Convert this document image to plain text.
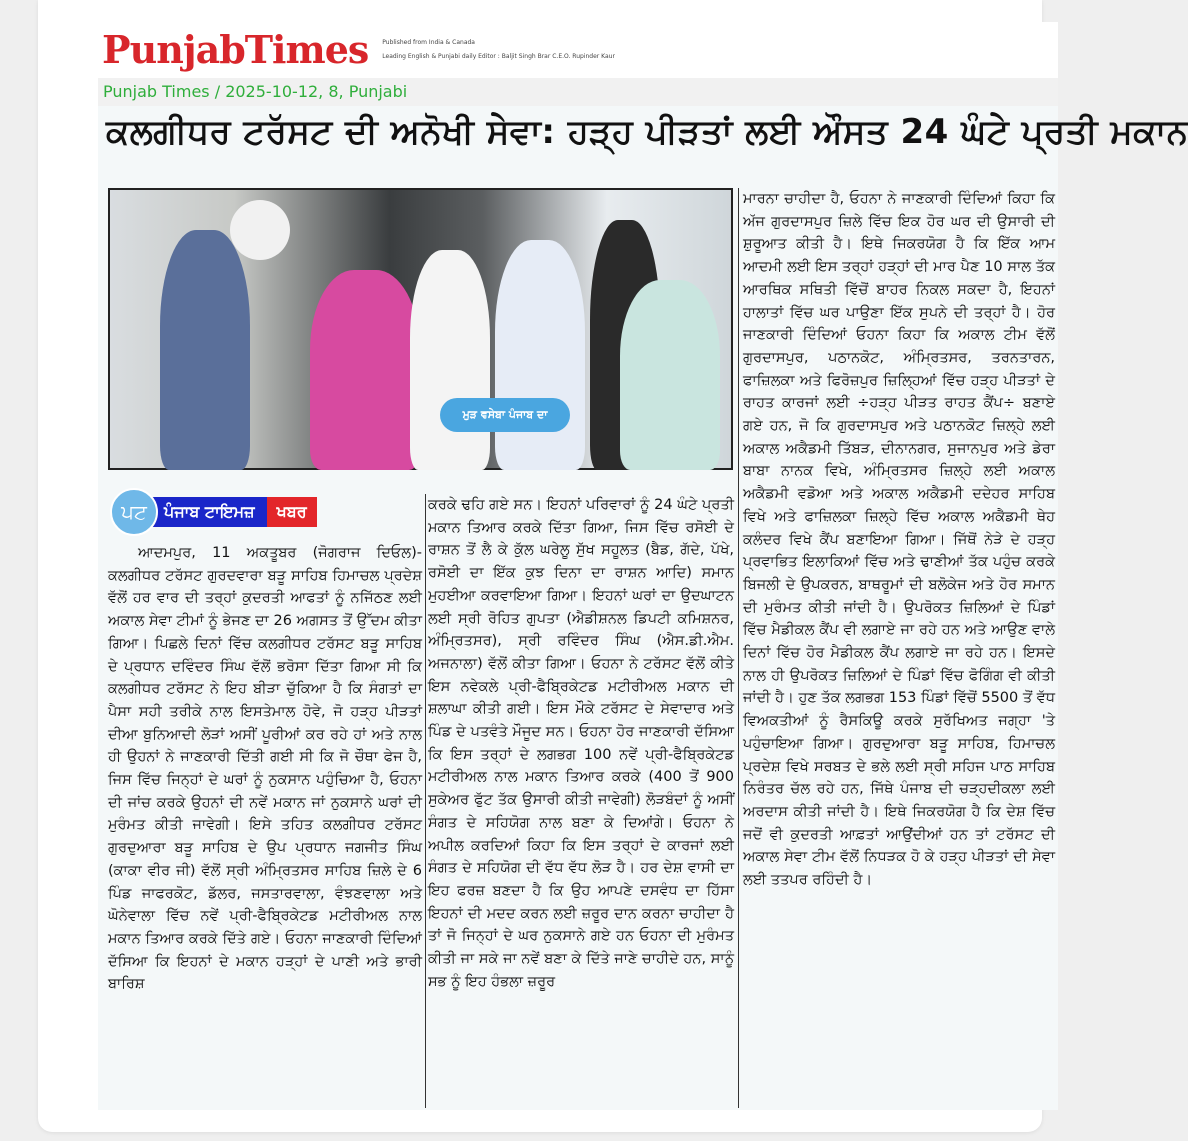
PunjabTimes Published from India & Canada
Leading English & Punjabi daily Editor : Baljit Singh Brar C.E.O. Rupinder Kaur
Punjab Times / 2025-10-12, 8, Punjabi
ਕਲਗੀਧਰ ਟਰੱਸਟ ਦੀ ਅਨੋਖੀ ਸੇਵਾ: ਹੜ੍ਹ ਪੀੜਤਾਂ ਲਈ ਔਸਤ 24 ਘੰਟੇ ਪ੍ਰਤੀ ਮਕਾਨ
ਮੁੜ ਵਸੇਬਾ ਪੰਜਾਬ ਦਾ
ਪਟ	ਪੰਜਾਬ ਟਾਇਮਜ਼	ਖਬਰ
ਆਦਮਪੁਰ, 11 ਅਕਤੂਬਰ (ਜੋਗਰਾਜ ਦਿਓਲ)- ਕਲਗੀਧਰ ਟਰੱਸਟ ਗੁਰਦਵਾਰਾ ਬੜੂ ਸਾਹਿਬ ਹਿਮਾਚਲ ਪ੍ਰਦੇਸ਼ ਵੱਲੋਂ ਹਰ ਵਾਰ ਦੀ ਤਰ੍ਹਾਂ ਕੁਦਰਤੀ ਆਫਤਾਂ ਨੂੰ ਨਜਿੱਠਣ ਲਈ ਅਕਾਲ ਸੇਵਾ ਟੀਮਾਂ ਨੂੰ ਭੇਜਣ ਦਾ 26 ਅਗਸਤ ਤੋਂ ਉੱਦਮ ਕੀਤਾ ਗਿਆ। ਪਿਛਲੇ ਦਿਨਾਂ ਵਿੱਚ ਕਲਗੀਧਰ ਟਰੱਸਟ ਬੜੂ ਸਾਹਿਬ ਦੇ ਪ੍ਰਧਾਨ ਦਵਿੰਦਰ ਸਿੰਘ ਵੱਲੋਂ ਭਰੋਸਾ ਦਿੱਤਾ ਗਿਆ ਸੀ ਕਿ ਕਲਗੀਧਰ ਟਰੱਸਟ ਨੇ ਇਹ ਬੀੜਾ ਚੁੱਕਿਆ ਹੈ ਕਿ ਸੰਗਤਾਂ ਦਾ ਪੈਸਾ ਸਹੀ ਤਰੀਕੇ ਨਾਲ ਇਸਤੇਮਾਲ ਹੋਵੇ, ਜੋ ਹੜ੍ਹ ਪੀੜਤਾਂ ਦੀਆ ਬੁਨਿਆਦੀ ਲੋੜਾਂ ਅਸੀਂ ਪੂਰੀਆਂ ਕਰ ਰਹੇ ਹਾਂ ਅਤੇ ਨਾਲ ਹੀ ਉਹਨਾਂ ਨੇ ਜਾਣਕਾਰੀ ਦਿੱਤੀ ਗਈ ਸੀ ਕਿ ਜੋ ਚੌਥਾ ਫੇਜ ਹੈ, ਜਿਸ ਵਿੱਚ ਜਿਨ੍ਹਾਂ ਦੇ ਘਰਾਂ ਨੂੰ ਨੁਕਸਾਨ ਪਹੁੰਚਿਆ ਹੈ, ਓਹਨਾ ਦੀ ਜਾਂਚ ਕਰਕੇ ਉਹਨਾਂ ਦੀ ਨਵੇਂ ਮਕਾਨ ਜਾਂ ਨੁਕਸਾਨੇ ਘਰਾਂ ਦੀ ਮੁਰੰਮਤ ਕੀਤੀ ਜਾਵੇਗੀ। ਇਸੇ ਤਹਿਤ ਕਲਗੀਧਰ ਟਰੱਸਟ ਗੁਰਦੁਆਰਾ ਬੜੂ ਸਾਹਿਬ ਦੇ ਉਪ ਪ੍ਰਧਾਨ ਜਗਜੀਤ ਸਿੰਘ (ਕਾਕਾ ਵੀਰ ਜੀ) ਵੱਲੋਂ ਸ੍ਰੀ ਅੰਮ੍ਰਿਤਸਰ ਸਾਹਿਬ ਜ਼ਿਲੇ ਦੇ 6 ਪਿੰਡ ਜਾਫਰਕੋਟ, ਡੱਲਰ, ਜਸਤਾਰਵਾਲਾ, ਵੰਝਣਵਾਲਾ ਅਤੇ ਘੋਨੇਵਾਲਾ ਵਿੱਚ ਨਵੇਂ ਪ੍ਰੀ-ਫੈਬ੍ਰਿਕੇਟਡ ਮਟੀਰੀਅਲ ਨਾਲ ਮਕਾਨ ਤਿਆਰ ਕਰਕੇ ਦਿੱਤੇ ਗਏ। ਓਹਨਾ ਜਾਣਕਾਰੀ ਦਿੰਦਿਆਂ ਦੱਸਿਆ ਕਿ ਇਹਨਾਂ ਦੇ ਮਕਾਨ ਹੜ੍ਹਾਂ ਦੇ ਪਾਣੀ ਅਤੇ ਭਾਰੀ ਬਾਰਿਸ਼
ਕਰਕੇ ਢਹਿ ਗਏ ਸਨ। ਇਹਨਾਂ ਪਰਿਵਾਰਾਂ ਨੂੰ 24 ਘੰਟੇ ਪ੍ਰਤੀ ਮਕਾਨ ਤਿਆਰ ਕਰਕੇ ਦਿੱਤਾ ਗਿਆ, ਜਿਸ ਵਿੱਚ ਰਸੋਈ ਦੇ ਰਾਸ਼ਨ ਤੋਂ ਲੈ ਕੇ ਕੁੱਲ ਘਰੇਲੂ ਸੁੱਖ ਸਹੂਲਤ (ਬੈਡ, ਗੱਦੇ, ਪੱਖੇ, ਰਸੋਈ ਦਾ ਇੱਕ ਕੁਝ ਦਿਨਾ ਦਾ ਰਾਸ਼ਨ ਆਦਿ) ਸਮਾਨ ਮੁਹਈਆ ਕਰਵਾਇਆ ਗਿਆ। ਇਹਨਾਂ ਘਰਾਂ ਦਾ ਉਦਘਾਟਨ ਲਈ ਸ੍ਰੀ ਰੋਹਿਤ ਗੁਪਤਾ (ਐਡੀਸ਼ਨਲ ਡਿਪਟੀ ਕਮਿਸ਼ਨਰ, ਅੰਮ੍ਰਿਤਸਰ), ਸ੍ਰੀ ਰਵਿੰਦਰ ਸਿੰਘ (ਐਸ.ਡੀ.ਐਮ. ਅਜਨਾਲਾ) ਵੱਲੋਂ ਕੀਤਾ ਗਿਆ। ਓਹਨਾ ਨੇ ਟਰੱਸਟ ਵੱਲੋਂ ਕੀਤੇ ਇਸ ਨਵੇਕਲੇ ਪ੍ਰੀ-ਫੈਬ੍ਰਿਕੇਟਡ ਮਟੀਰੀਅਲ ਮਕਾਨ ਦੀ ਸ਼ਲਾਘਾ ਕੀਤੀ ਗਈ। ਇਸ ਮੌਕੇ ਟਰੱਸਟ ਦੇ ਸੇਵਾਦਾਰ ਅਤੇ ਪਿੰਡ ਦੇ ਪਤਵੰਤੇ ਮੌਜੂਦ ਸਨ। ਓਹਨਾ ਹੋਰ ਜਾਣਕਾਰੀ ਦੱਸਿਆ ਕਿ ਇਸ ਤਰ੍ਹਾਂ ਦੇ ਲਗਭਗ 100 ਨਵੇਂ ਪ੍ਰੀ-ਫੈਬ੍ਰਿਕੇਟਡ ਮਟੀਰੀਅਲ ਨਾਲ ਮਕਾਨ ਤਿਆਰ ਕਰਕੇ (400 ਤੋਂ 900 ਸੁਕੇਅਰ ਫੁੱਟ ਤੱਕ ਉਸਾਰੀ ਕੀਤੀ ਜਾਵੇਗੀ) ਲੋੜਬੰਦਾਂ ਨੂੰ ਅਸੀਂ ਸੰਗਤ ਦੇ ਸਹਿਯੋਗ ਨਾਲ ਬਣਾ ਕੇ ਦਿਆਂਗੇ। ਓਹਨਾ ਨੇ ਅਪੀਲ ਕਰਦਿਆਂ ਕਿਹਾ ਕਿ ਇਸ ਤਰ੍ਹਾਂ ਦੇ ਕਾਰਜਾਂ ਲਈ ਸੰਗਤ ਦੇ ਸਹਿਯੋਗ ਦੀ ਵੱਧ ਵੱਧ ਲੋੜ ਹੈ। ਹਰ ਦੇਸ਼ ਵਾਸੀ ਦਾ ਇਹ ਫਰਜ਼ ਬਣਦਾ ਹੈ ਕਿ ਉਹ ਆਪਣੇ ਦਸਵੰਧ ਦਾ ਹਿੱਸਾ ਇਹਨਾਂ ਦੀ ਮਦਦ ਕਰਨ ਲਈ ਜ਼ਰੂਰ ਦਾਨ ਕਰਨਾ ਚਾਹੀਦਾ ਹੈ ਤਾਂ ਜੋ ਜਿਨ੍ਹਾਂ ਦੇ ਘਰ ਨੁਕਸਾਨੇ ਗਏ ਹਨ ਓਹਨਾ ਦੀ ਮੁਰੰਮਤ ਕੀਤੀ ਜਾ ਸਕੇ ਜਾ ਨਵੇਂ ਬਣਾ ਕੇ ਦਿੱਤੇ ਜਾਣੇ ਚਾਹੀਦੇ ਹਨ, ਸਾਨੂੰ ਸਭ ਨੂੰ ਇਹ ਹੰਭਲਾ ਜ਼ਰੂਰ
ਮਾਰਨਾ ਚਾਹੀਦਾ ਹੈ, ਓਹਨਾ ਨੇ ਜਾਣਕਾਰੀ ਦਿੰਦਿਆਂ ਕਿਹਾ ਕਿ ਅੱਜ ਗੁਰਦਾਸਪੁਰ ਜ਼ਿਲੇ ਵਿੱਚ ਇਕ ਹੋਰ ਘਰ ਦੀ ਉਸਾਰੀ ਦੀ ਸ਼ੁਰੂਆਤ ਕੀਤੀ ਹੈ। ਇਥੇ ਜਿਕਰਯੋਗ ਹੈ ਕਿ ਇੱਕ ਆਮ ਆਦਮੀ ਲਈ ਇਸ ਤਰ੍ਹਾਂ ਹੜ੍ਹਾਂ ਦੀ ਮਾਰ ਪੈਣ 10 ਸਾਲ ਤੱਕ ਆਰਥਿਕ ਸਥਿਤੀ ਵਿੱਚੋਂ ਬਾਹਰ ਨਿਕਲ ਸਕਦਾ ਹੈ, ਇਹਨਾਂ ਹਾਲਾਤਾਂ ਵਿੱਚ ਘਰ ਪਾਉਣਾ ਇੱਕ ਸੁਪਨੇ ਦੀ ਤਰ੍ਹਾਂ ਹੈ। ਹੋਰ ਜਾਣਕਾਰੀ ਦਿੰਦਿਆਂ ਓਹਨਾ ਕਿਹਾ ਕਿ ਅਕਾਲ ਟੀਮ ਵੱਲੋਂ ਗੁਰਦਾਸਪੁਰ, ਪਠਾਨਕੋਟ, ਅੰਮ੍ਰਿਤਸਰ, ਤਰਨਤਾਰਨ, ਫਾਜ਼ਿਲਕਾ ਅਤੇ ਫਿਰੋਜ਼ਪੁਰ ਜ਼ਿਲ੍ਹਿਆਂ ਵਿੱਚ ਹੜ੍ਹ ਪੀੜਤਾਂ ਦੇ ਰਾਹਤ ਕਾਰਜਾਂ ਲਈ ÷ਹੜ੍ਹ ਪੀੜਤ ਰਾਹਤ ਕੈਂਪ÷ ਬਣਾਏ ਗਏ ਹਨ, ਜੋ ਕਿ ਗੁਰਦਾਸਪੁਰ ਅਤੇ ਪਠਾਨਕੋਟ ਜ਼ਿਲ੍ਹੇ ਲਈ ਅਕਾਲ ਅਕੈਡਮੀ ਤਿੱਬੜ, ਦੀਨਾਨਗਰ, ਸੁਜਾਨਪੁਰ ਅਤੇ ਡੇਰਾ ਬਾਬਾ ਨਾਨਕ ਵਿਖੇ, ਅੰਮ੍ਰਿਤਸਰ ਜ਼ਿਲ੍ਹੇ ਲਈ ਅਕਾਲ ਅਕੈਡਮੀ ਵਡੋਆ ਅਤੇ ਅਕਾਲ ਅਕੈਡਮੀ ਦਦੇਹਰ ਸਾਹਿਬ ਵਿਖੇ ਅਤੇ ਫਾਜ਼ਿਲਕਾ ਜ਼ਿਲ੍ਹੇ ਵਿੱਚ ਅਕਾਲ ਅਕੈਡਮੀ ਥੇਹ ਕਲੰਦਰ ਵਿਖੇ ਕੈਂਪ ਬਣਾਇਆ ਗਿਆ। ਜਿੱਥੋਂ ਨੇੜੇ ਦੇ ਹੜ੍ਹ ਪ੍ਰਵਾਭਿਤ ਇਲਾਕਿਆਂ ਵਿੱਚ ਅਤੇ ਢਾਣੀਆਂ ਤੱਕ ਪਹੁੰਚ ਕਰਕੇ ਬਿਜਲੀ ਦੇ ਉਪਕਰਨ, ਬਾਥਰੂਮਾਂ ਦੀ ਬਲੋਕੇਜ ਅਤੇ ਹੋਰ ਸਮਾਨ ਦੀ ਮੁਰੰਮਤ ਕੀਤੀ ਜਾਂਦੀ ਹੈ। ਉਪਰੋਕਤ ਜ਼ਿਲਿਆਂ ਦੇ ਪਿੰਡਾਂ ਵਿੱਚ ਮੈਡੀਕਲ ਕੈਂਪ ਵੀ ਲਗਾਏ ਜਾ ਰਹੇ ਹਨ ਅਤੇ ਆਉਣ ਵਾਲੇ ਦਿਨਾਂ ਵਿੱਚ ਹੋਰ ਮੈਡੀਕਲ ਕੈਂਪ ਲਗਾਏ ਜਾ ਰਹੇ ਹਨ। ਇਸਦੇ ਨਾਲ ਹੀ ਉਪਰੋਕਤ ਜ਼ਿਲਿਆਂ ਦੇ ਪਿੰਡਾਂ ਵਿੱਚ ਫੋਗਿੰਗ ਵੀ ਕੀਤੀ ਜਾਂਦੀ ਹੈ। ਹੁਣ ਤੱਕ ਲਗਭਗ 153 ਪਿੰਡਾਂ ਵਿੱਚੋਂ 5500 ਤੋਂ ਵੱਧ ਵਿਅਕਤੀਆਂ ਨੂੰ ਰੈਸਕਿਊ ਕਰਕੇ ਸੁਰੱਖਿਅਤ ਜਗ੍ਹਾ 'ਤੇ ਪਹੁੰਚਾਇਆ ਗਿਆ। ਗੁਰਦੁਆਰਾ ਬੜੂ ਸਾਹਿਬ, ਹਿਮਾਚਲ ਪ੍ਰਦੇਸ਼ ਵਿਖੇ ਸਰਬਤ ਦੇ ਭਲੇ ਲਈ ਸ੍ਰੀ ਸਹਿਜ ਪਾਠ ਸਾਹਿਬ ਨਿਰੰਤਰ ਚੱਲ ਰਹੇ ਹਨ, ਜਿੱਥੇ ਪੰਜਾਬ ਦੀ ਚੜ੍ਹਦੀਕਲਾ ਲਈ ਅਰਦਾਸ ਕੀਤੀ ਜਾਂਦੀ ਹੈ। ਇਥੇ ਜਿਕਰਯੋਗ ਹੈ ਕਿ ਦੇਸ਼ ਵਿੱਚ ਜਦੋਂ ਵੀ ਕੁਦਰਤੀ ਆਫ਼ਤਾਂ ਆਉਂਦੀਆਂ ਹਨ ਤਾਂ ਟਰੱਸਟ ਦੀ ਅਕਾਲ ਸੇਵਾ ਟੀਮ ਵੱਲੋਂ ਨਿਧੜਕ ਹੋ ਕੇ ਹੜ੍ਹ ਪੀੜਤਾਂ ਦੀ ਸੇਵਾ ਲਈ ਤਤਪਰ ਰਹਿੰਦੀ ਹੈ।
